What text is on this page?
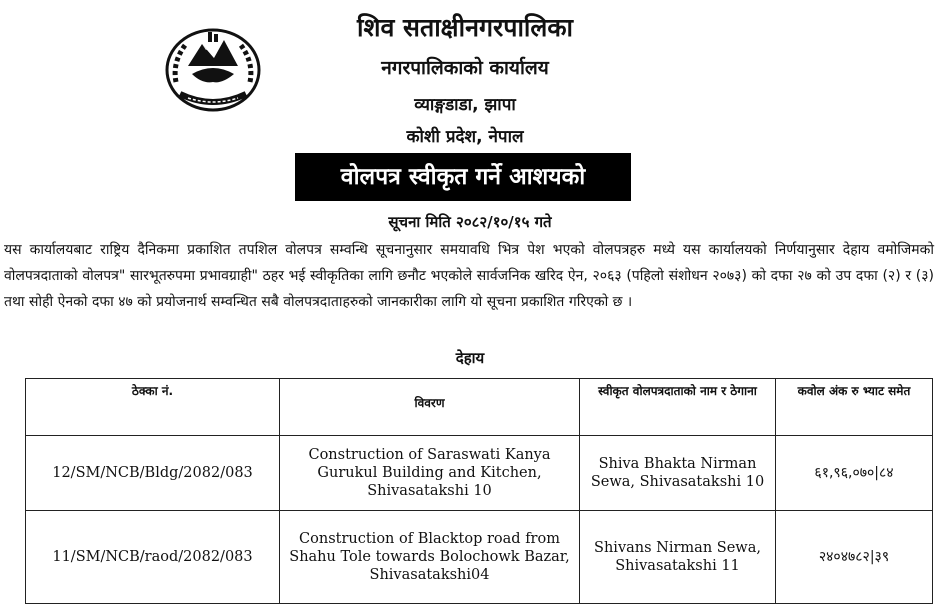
शिव सताक्षीनगरपालिका
नगरपालिकाको कार्यालय
व्याङ्गडाडा, झापा
कोशी प्रदेश, नेपाल
वोलपत्र स्वीकृत गर्ने आशयको
सूचना मिति २०८२/१०/१५ गते

यस कार्यालयबाट राष्ट्रिय दैनिकमा प्रकाशित तपशिल वोलपत्र सम्वन्धि सूचनानुसार समयावधि भित्र पेश भएको वोलपत्रहरु मध्ये यस कार्यालयको निर्णयानुसार देहाय वमोजिमको वोलपत्रदाताको वोलपत्र" सारभूतरुपमा प्रभावग्राही" ठहर भई स्वीकृतिका लागि छनौट भएकोले सार्वजनिक खरिद ऐन, २०६३ (पहिलो संशोधन २०७३) को दफा २७ को उप दफा (२) र (३) तथा सोही ऐनको दफा ४७ को प्रयोजनार्थ सम्वन्धित सबै वोलपत्रदाताहरुको जानकारीका लागि यो सूचना प्रकाशित गरिएको छ ।

देहाय
ठेक्का नं.	विवरण	स्वीकृत वोलपत्रदाताको नाम र ठेगाना	कवोल अंक रु भ्याट समेत
12/SM/NCB/Bldg/2082/083	Construction of Saraswati Kanya Gurukul Building and Kitchen, Shivasatakshi 10	Shiva Bhakta Nirman Sewa, Shivasatakshi 10	६१,९६,०७०|८४
11/SM/NCB/raod/2082/083	Construction of Blacktop road from Shahu Tole towards Bolochowk Bazar, Shivasatakshi04	Shivans Nirman Sewa, Shivasatakshi 11	२४०४७८२|३९
